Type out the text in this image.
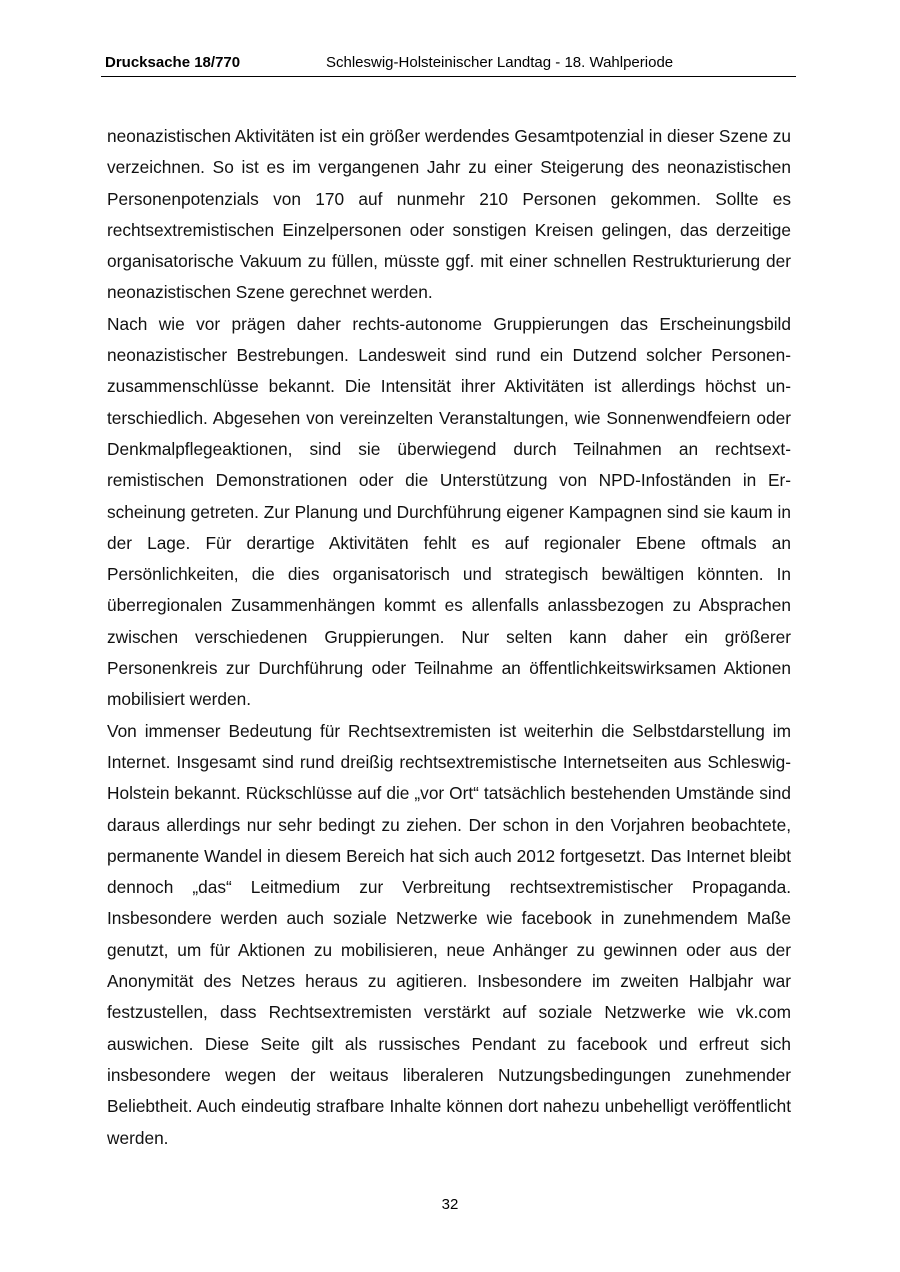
Drucksache 18/770	Schleswig-Holsteinischer Landtag - 18. Wahlperiode

neonazistischen Aktivitäten ist ein größer werdendes Gesamtpotenzial in dieser Szene zu verzeichnen. So ist es im vergangenen Jahr zu einer Steigerung des neonazistischen Personenpotenzials von 170 auf nunmehr 210 Personen gekommen. Sollte es rechtsextremistischen Einzelpersonen oder sonstigen Kreisen gelingen, das derzeitige organisatorische Vakuum zu füllen, müsste ggf. mit einer schnellen Restrukturierung der neonazistischen Szene gerechnet werden.

Nach wie vor prägen daher rechts-autonome Gruppierungen das Erscheinungsbild neonazistischer Bestrebungen. Landesweit sind rund ein Dutzend solcher Personenzusammenschlüsse bekannt. Die Intensität ihrer Aktivitäten ist allerdings höchst unterschiedlich. Abgesehen von vereinzelten Veranstaltungen, wie Sonnenwendfeiern oder Denkmalpflegeaktionen, sind sie überwiegend durch Teilnahmen an rechtsextremistischen Demonstrationen oder die Unterstützung von NPD-Infoständen in Erscheinung getreten. Zur Planung und Durchführung eigener Kampagnen sind sie kaum in der Lage. Für derartige Aktivitäten fehlt es auf regionaler Ebene oftmals an Persönlichkeiten, die dies organisatorisch und strategisch bewältigen könnten. In überregionalen Zusammenhängen kommt es allenfalls anlassbezogen zu Absprachen zwischen verschiedenen Gruppierungen. Nur selten kann daher ein größerer Personenkreis zur Durchführung oder Teilnahme an öffentlichkeitswirksamen Aktionen mobilisiert werden.

Von immenser Bedeutung für Rechtsextremisten ist weiterhin die Selbstdarstellung im Internet. Insgesamt sind rund dreißig rechtsextremistische Internetseiten aus Schleswig-Holstein bekannt. Rückschlüsse auf die „vor Ort“ tatsächlich bestehenden Umstände sind daraus allerdings nur sehr bedingt zu ziehen. Der schon in den Vorjahren beobachtete, permanente Wandel in diesem Bereich hat sich auch 2012 fortgesetzt. Das Internet bleibt dennoch „das“ Leitmedium zur Verbreitung rechtsextremistischer Propaganda. Insbesondere werden auch soziale Netzwerke wie facebook in zunehmendem Maße genutzt, um für Aktionen zu mobilisieren, neue Anhänger zu gewinnen oder aus der Anonymität des Netzes heraus zu agitieren. Insbesondere im zweiten Halbjahr war festzustellen, dass Rechtsextremisten verstärkt auf soziale Netzwerke wie vk.com auswichen. Diese Seite gilt als russisches Pendant zu facebook und erfreut sich insbesondere wegen der weitaus liberaleren Nutzungsbedingungen zunehmender Beliebtheit. Auch eindeutig strafbare Inhalte können dort nahezu unbehelligt veröffentlicht werden.

32
